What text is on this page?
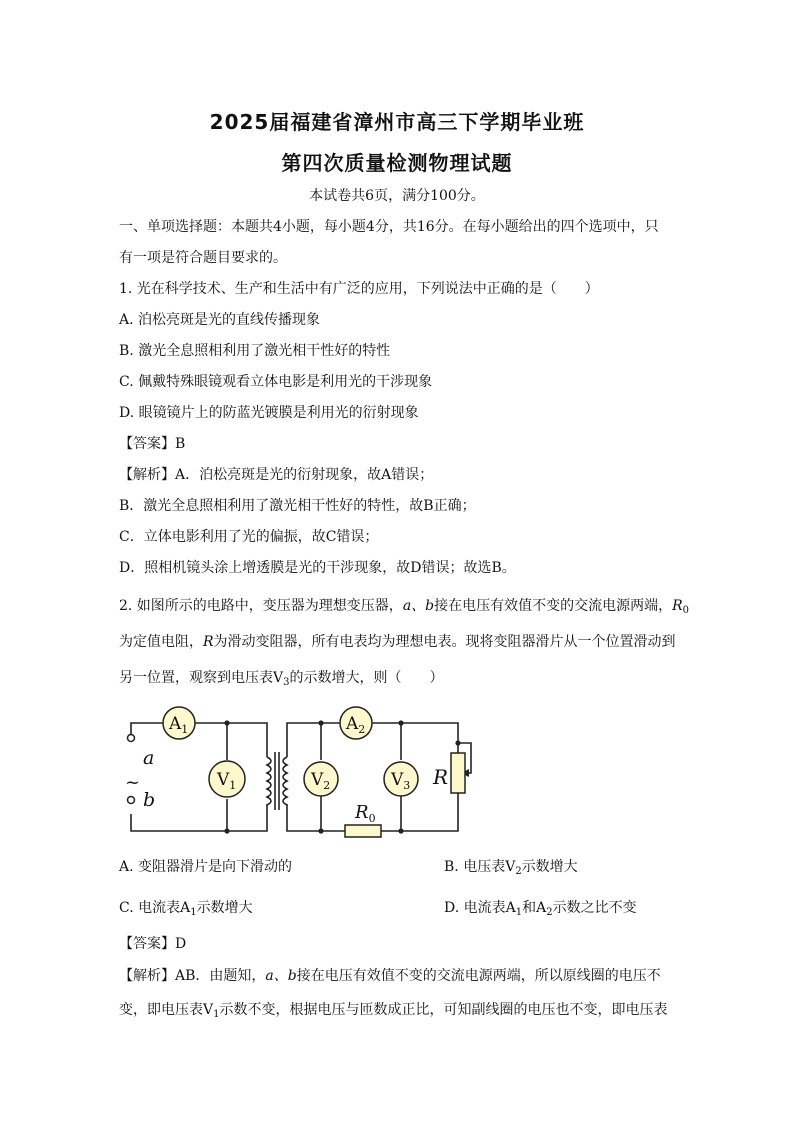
2025届福建省漳州市高三下学期毕业班
第四次质量检测物理试题
本试卷共6页，满分100分。
一、单项选择题：本题共4小题，每小题4分，共16分。在每小题给出的四个选项中，只
有一项是符合题目要求的。
1. 光在科学技术、生产和生活中有广泛的应用，下列说法中正确的是（　　）
A. 泊松亮斑是光的直线传播现象
B. 激光全息照相利用了激光相干性好的特性
C. 佩戴特殊眼镜观看立体电影是利用光的干涉现象
D. 眼镜镜片上的防蓝光镀膜是利用光的衍射现象
【答案】B
【解析】A．泊松亮斑是光的衍射现象，故A错误；
B．激光全息照相利用了激光相干性好的特性，故B正确；
C．立体电影利用了光的偏振，故C错误；
D．照相机镜头涂上增透膜是光的干涉现象，故D错误；故选B。
2. 如图所示的电路中，变压器为理想变压器，a、b接在电压有效值不变的交流电源两端，$R_0$
为定值电阻，R为滑动变阻器，所有电表均为理想电表。现将变阻器滑片从一个位置滑动到
另一位置，观察到电压表$V_3$的示数增大，则（　　）
$A_1$	$A_2$
$V_1$	$V_2$	$V_3$
a
b
~	R
$R_0$
A. 变阻器滑片是向下滑动的	B. 电压表$V_2$示数增大
C. 电流表$A_1$示数增大	D. 电流表$A_1$和$A_2$示数之比不变
【答案】D
【解析】AB．由题知，a、b接在电压有效值不变的交流电源两端，所以原线圈的电压不
变，即电压表$V_1$示数不变，根据电压与匝数成正比，可知副线圈的电压也不变，即电压表
